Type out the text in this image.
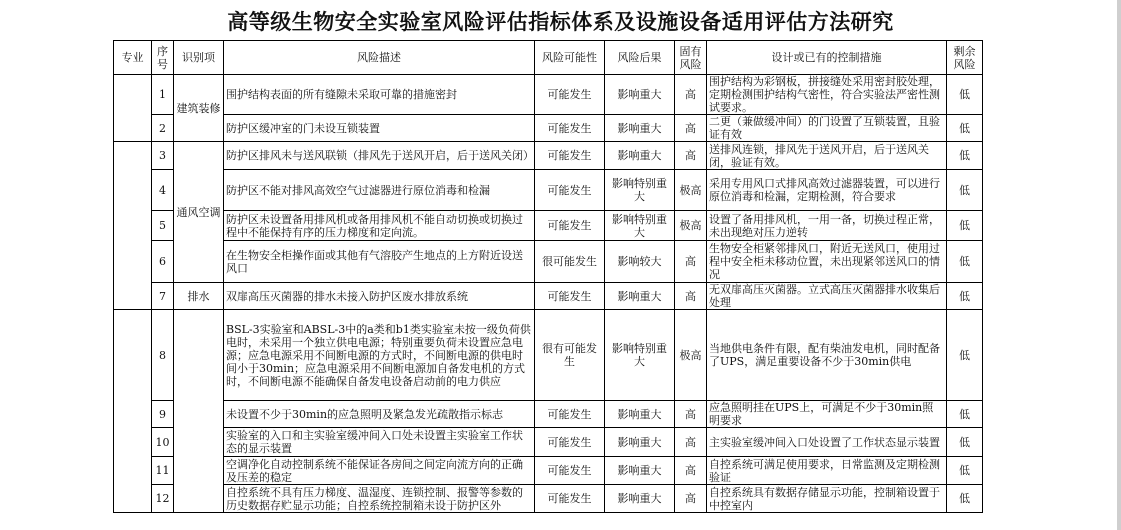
高等级生物安全实验室风险评估指标体系及设施设备适用评估方法研究
专业	序号	识别项	风险描述	风险可能性	风险后果	固有风险	设计或已有的控制措施	剩余风险
	1	建筑装修	围护结构表面的所有缝隙未采取可靠的措施密封	可能发生	影响重大	高	围护结构为彩钢板，拼接缝处采用密封胶处理，定期检测围护结构气密性，符合实验法严密性测试要求。	低
	2		防护区缓冲室的门未设互锁装置	可能发生	影响重大	高	二更（兼做缓冲间）的门设置了互锁装置，且验证有效	低
	3	通风空调	防护区排风未与送风联锁（排风先于送风开启，后于送风关闭）	可能发生	影响重大	高	送排风连锁，排风先于送风开启，后于送风关闭，验证有效。	低
	4		防护区不能对排风高效空气过滤器进行原位消毒和检漏	可能发生	影响特别重大	极高	采用专用风口式排风高效过滤器装置，可以进行原位消毒和检漏，定期检测，符合要求	低
	5		防护区未设置备用排风机或备用排风机不能自动切换或切换过程中不能保持有序的压力梯度和定向流。	可能发生	影响特别重大	极高	设置了备用排风机，一用一备，切换过程正常，未出现绝对压力逆转	低
	6		在生物安全柜操作面或其他有气溶胶产生地点的上方附近设送风口	很可能发生	影响较大	高	生物安全柜紧邻排风口，附近无送风口，使用过程中安全柜未移动位置，未出现紧邻送风口的情况	低
	7	排水	双扉高压灭菌器的排水未接入防护区废水排放系统	可能发生	影响重大	高	无双扉高压灭菌器。立式高压灭菌器排水收集后处理	低
	8		BSL-3实验室和ABSL-3中的a类和b1类实验室未按一级负荷供电时，未采用一个独立供电电源；特别重要负荷未设置应急电源；应急电源采用不间断电源的方式时，不间断电源的供电时间小于30min；应急电源采用不间断电源加自备发电机的方式时，不间断电源不能确保自备发电设备启动前的电力供应	很有可能发生	影响特别重大	极高	当地供电条件有限，配有柴油发电机，同时配备了UPS，满足重要设备不少于30min供电	低
	9		未设置不少于30min的应急照明及紧急发光疏散指示标志	可能发生	影响重大	高	应急照明挂在UPS上，可满足不少于30min照明要求	低
	10		实验室的入口和主实验室缓冲间入口处未设置主实验室工作状态的显示装置	可能发生	影响重大	高	主实验室缓冲间入口处设置了工作状态显示装置	低
	11		空调净化自动控制系统不能保证各房间之间定向流方向的正确及压差的稳定	可能发生	影响重大	高	自控系统可满足使用要求，日常监测及定期检测验证	低
	12		自控系统不具有压力梯度、温湿度、连锁控制、报警等参数的历史数据存贮显示功能；自控系统控制箱未设于防护区外	可能发生	影响重大	高	自控系统具有数据存储显示功能，控制箱设置于中控室内	低
